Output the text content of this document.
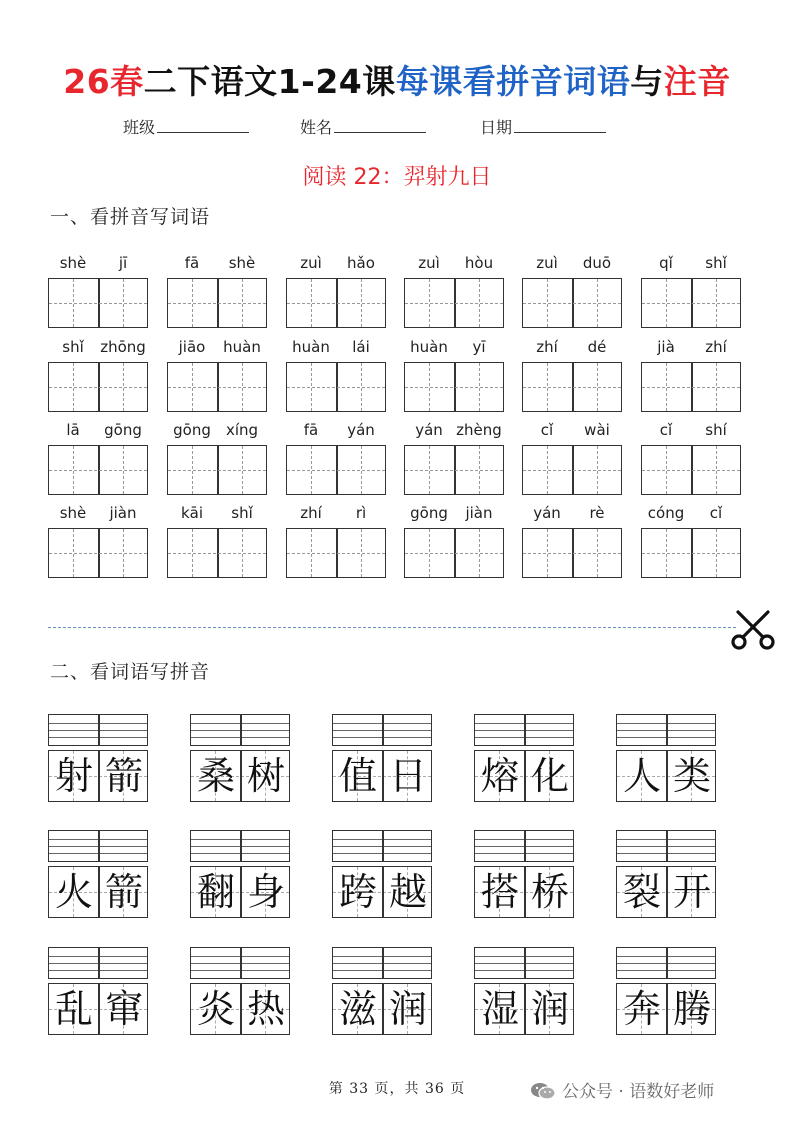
26春二下语文1-24课每课看拼音词语与注音
班级	姓名	日期
阅读 22：羿射九日
一、看拼音写词语
shè	jī	fā	shè	zuì	hǎo	zuì	hòu	zuì	duō	qǐ	shǐ
shǐ	zhōng	jiāo	huàn	huàn	lái	huàn	yī	zhí	dé	jià	zhí
lā	gōng	gōng	xíng	fā	yán	yán zhèng	cǐ	wài	cǐ	shí
shè	jiàn	kāi	shǐ	zhí	rì	gōng	jiàn	yán	rè	cóng	cǐ
二、看词语写拼音
射 箭 桑 树 值 日 熔 化 人 类
火 箭 翻 身 跨 越 搭 桥 裂 开
乱 窜 炎 热 滋 润 湿 润 奔 腾
第 33 页，共 36 页	公众号 · 语数好老师
